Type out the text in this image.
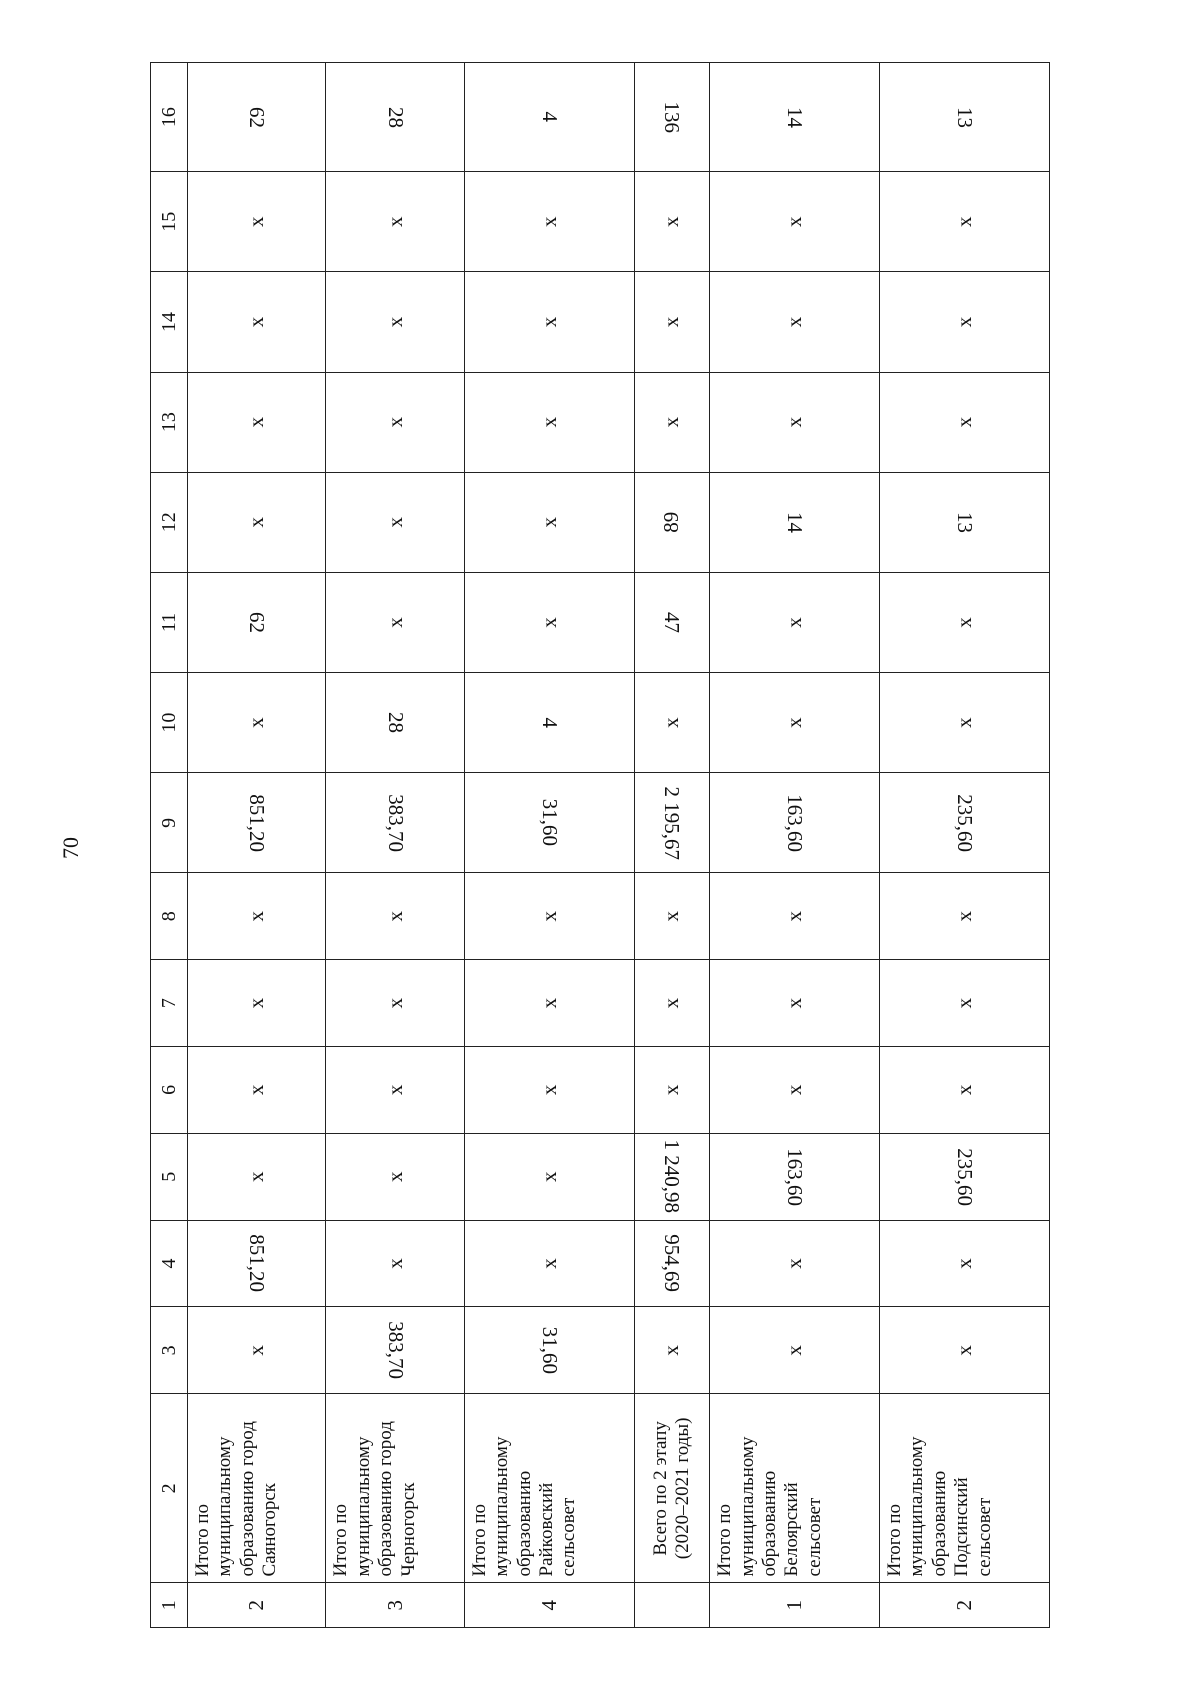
70
1	2	3	4	5	6	7	8	9	10	11	12	13	14	15	16
2	Итого по муниципальному образованию город Саяногорск	x	851,20	x	x	x	x	851,20	x	62	x	x	x	x	62
3	Итого по муниципальному образованию город Черногорск	383,70	x	x	x	x	x	383,70	28	x	x	x	x	x	28
4	Итого по муниципальному образованию Райковский сельсовет	31,60	x	x	x	x	x	31,60	4	x	x	x	x	x	4
	Всего по 2 этапу (2020–2021 годы)	x	954,69	1 240,98	x	x	x	2 195,67	x	47	89	x	x	x	136
1	Итого по муниципальному образованию Белоярский сельсовет	x	x	163,60	x	x	x	163,60	x	x	14	x	x	x	14
2	Итого по муниципальному образованию Подсинский сельсовет	x	x	235,60	x	x	x	235,60	x	x	13	x	x	x	13
